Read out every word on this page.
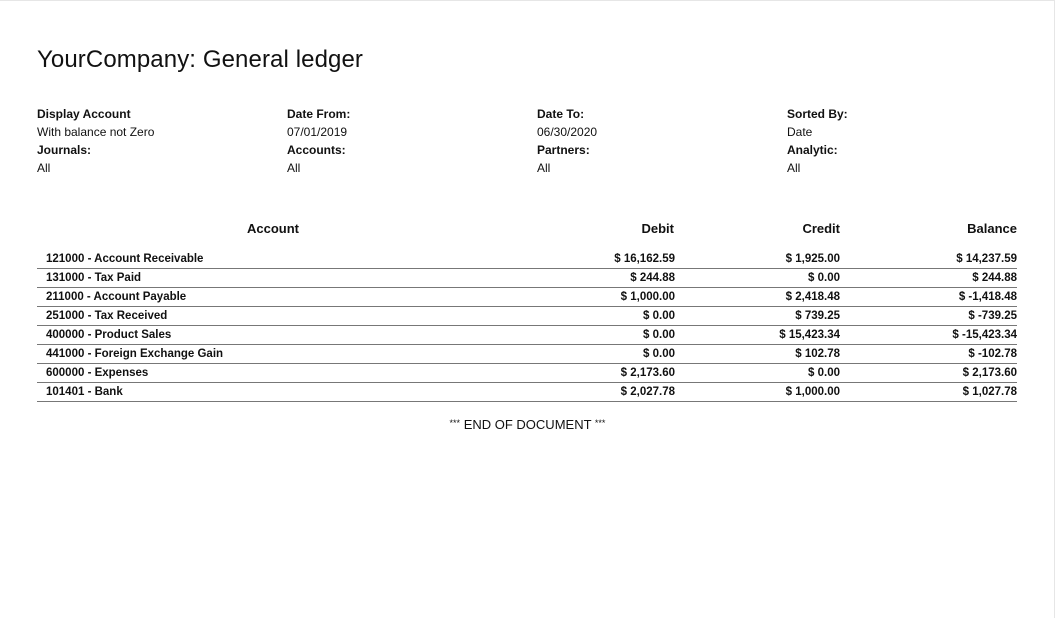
YourCompany: General ledger
Display Account
With balance not Zero
Journals:
All
Date From:
07/01/2019
Accounts:
All
Date To:
06/30/2020
Partners:
All
Sorted By:
Date
Analytic:
All
Account	Debit	Credit	Balance

121000 - Account Receivable	$ 16,162.59	$ 1,925.00	$ 14,237.59
131000 - Tax Paid	$ 244.88	$ 0.00	$ 244.88
211000 - Account Payable	$ 1,000.00	$ 2,418.48	$ -1,418.48
251000 - Tax Received	$ 0.00	$ 739.25	$ -739.25
400000 - Product Sales	$ 0.00	$ 15,423.34	$ -15,423.34
441000 - Foreign Exchange Gain	$ 0.00	$ 102.78	$ -102.78
600000 - Expenses	$ 2,173.60	$ 0.00	$ 2,173.60
101401 - Bank	$ 2,027.78	$ 1,000.00	$ 1,027.78
*** END OF DOCUMENT ***
